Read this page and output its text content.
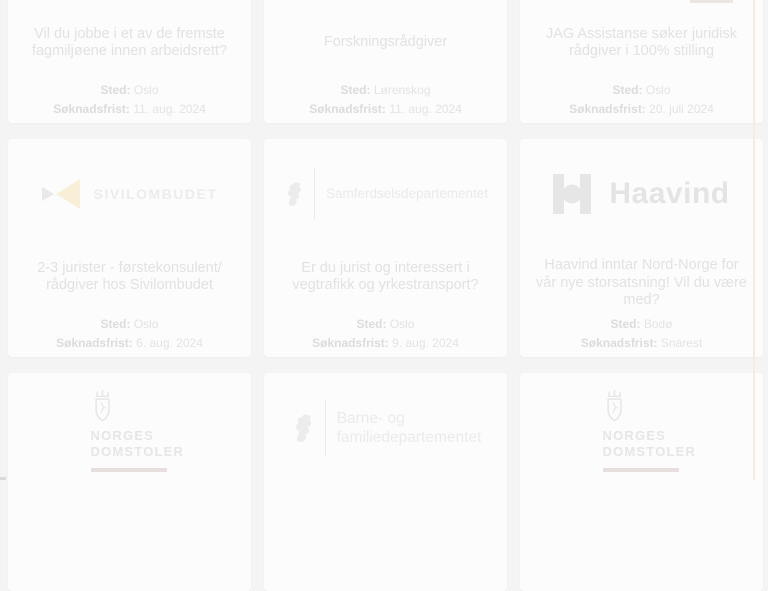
Vil du jobbe i et av de fremste fagmiljøene innen arbeidsrett?
Sted: Oslo
Søknadsfrist: 11. aug. 2024
Forskningsrådgiver
Sted: Lørenskog
Søknadsfrist: 11. aug. 2024
JAG Assistanse søker juridisk rådgiver i 100% stilling
Sted: Oslo
Søknadsfrist: 20. juli 2024
SIVILOMBUDET
2-3 jurister - førstekonsulent/ rådgiver hos Sivilombudet
Sted: Oslo
Søknadsfrist: 6. aug. 2024
Samferdselsdepartementet
Er du jurist og interessert i vegtrafikk og yrkestransport?
Sted: Oslo
Søknadsfrist: 9. aug. 2024
Haavind
Haavind inntar Nord-Norge for vår nye storsatsning! Vil du være med?
Sted: Bodø
Søknadsfrist: Snarest
NORGES
DOMSTOLER
Barne- og
familiedepartementet	NORGES
DOMSTOLER
